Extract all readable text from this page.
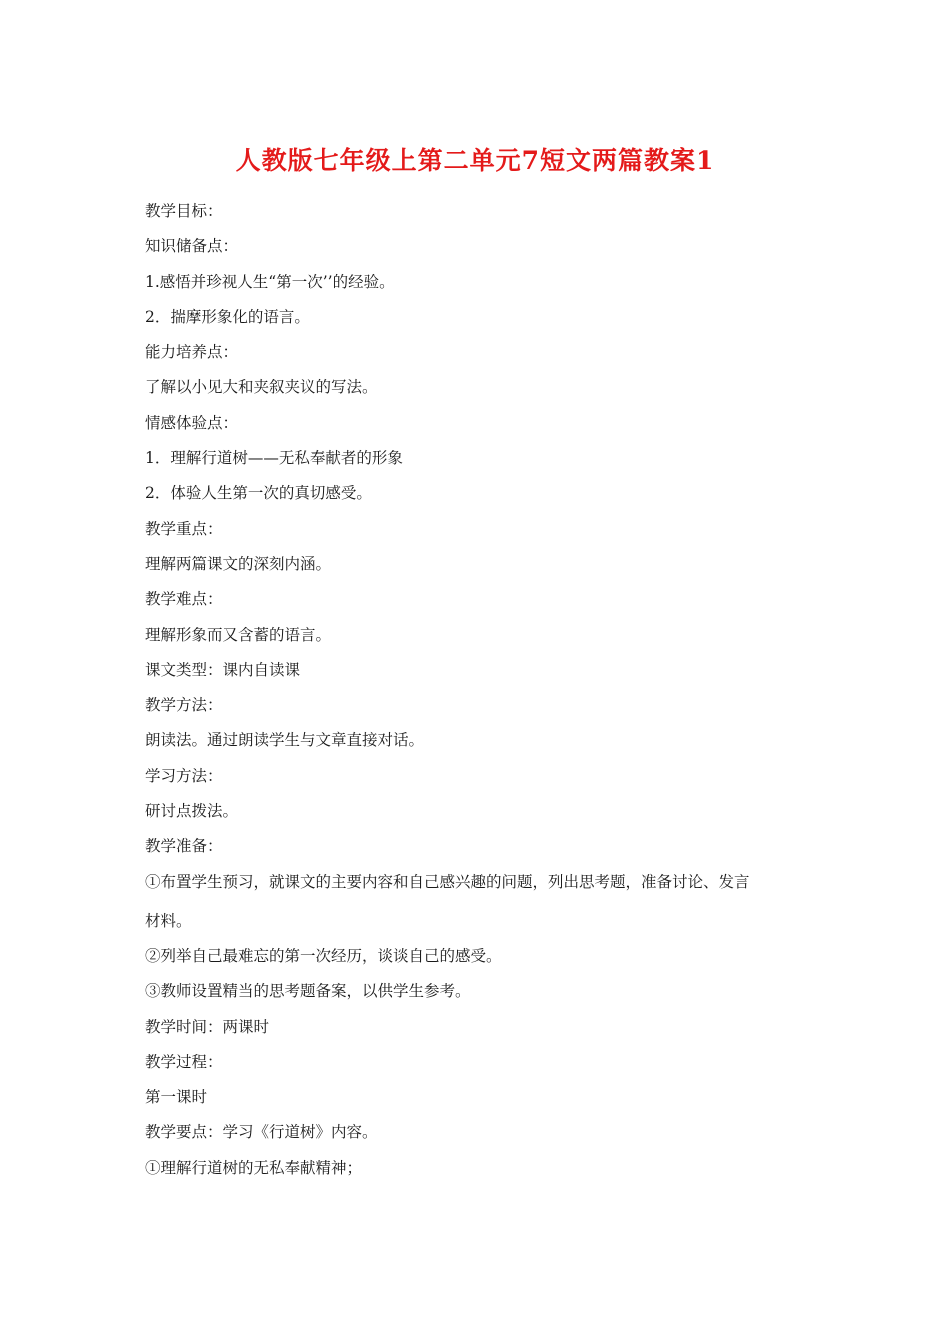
人教版七年级上第二单元7短文两篇教案1
教学目标：
知识储备点：
1.感悟并珍视人生“第一次’’的经验。
2．揣摩形象化的语言。
能力培养点：
了解以小见大和夹叙夹议的写法。
情感体验点：
1．理解行道树——无私奉献者的形象
2．体验人生第一次的真切感受。
教学重点：
理解两篇课文的深刻内涵。
教学难点：
理解形象而又含蓄的语言。
课文类型：课内自读课
教学方法：
朗读法。通过朗读学生与文章直接对话。
学习方法：
研讨点拨法。
教学准备：
①布置学生预习，就课文的主要内容和自己感兴趣的问题，列出思考题，准备讨论、发言
材料。
②列举自己最难忘的第一次经历，谈谈自己的感受。
③教师设置精当的思考题备案，以供学生参考。
教学时间：两课时
教学过程：
第一课时
教学要点：学习《行道树》内容。
①理解行道树的无私奉献精神；
